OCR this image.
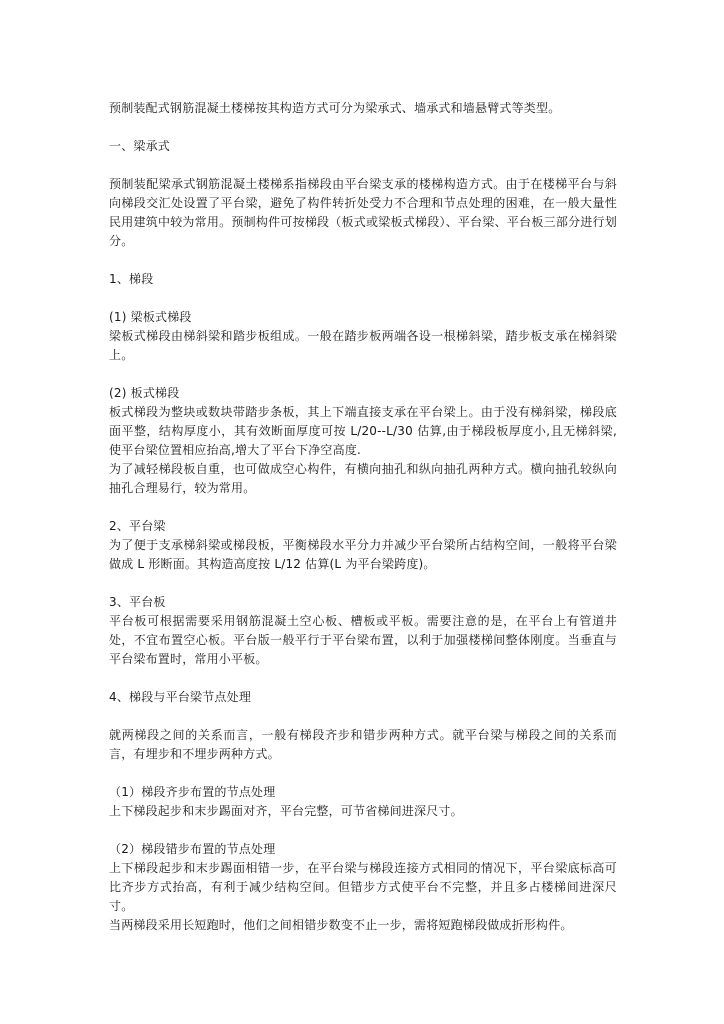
预制装配式钢筋混凝土楼梯按其构造方式可分为梁承式、墙承式和墙悬臂式等类型。

一、梁承式

预制装配梁承式钢筋混凝土楼梯系指梯段由平台梁支承的楼梯构造方式。由于在楼梯平台与斜向梯段交汇处设置了平台梁，避免了构件转折处受力不合理和节点处理的困难，在一般大量性民用建筑中较为常用。预制构件可按梯段（板式或梁板式梯段）、平台梁、平台板三部分进行划分。

1、梯段

(1) 梁板式梯段

梁板式梯段由梯斜梁和踏步板组成。一般在踏步板两端各设一根梯斜梁，踏步板支承在梯斜梁上。

(2) 板式梯段

板式梯段为整块或数块带踏步条板，其上下端直接支承在平台梁上。由于没有梯斜梁，梯段底面平整，结构厚度小，其有效断面厚度可按 L/20--L/30 估算,由于梯段板厚度小,且无梯斜梁,使平台梁位置相应抬高,增大了平台下净空高度.

为了减轻梯段板自重，也可做成空心构件，有横向抽孔和纵向抽孔两种方式。横向抽孔较纵向抽孔合理易行，较为常用。

2、平台梁

为了便于支承梯斜梁或梯段板，平衡梯段水平分力并减少平台梁所占结构空间，一般将平台梁做成 L 形断面。其构造高度按 L/12 估算(L 为平台梁跨度)。

3、平台板

平台板可根据需要采用钢筋混凝土空心板、槽板或平板。需要注意的是，在平台上有管道井处，不宜布置空心板。平台版一般平行于平台梁布置，以利于加强楼梯间整体刚度。当垂直与平台梁布置时，常用小平板。

4、梯段与平台梁节点处理

就两梯段之间的关系而言，一般有梯段齐步和错步两种方式。就平台梁与梯段之间的关系而言，有埋步和不埋步两种方式。

（1）梯段齐步布置的节点处理

上下梯段起步和末步踢面对齐，平台完整，可节省梯间进深尺寸。

（2）梯段错步布置的节点处理

上下梯段起步和末步踢面相错一步，在平台梁与梯段连接方式相同的情况下，平台梁底标高可比齐步方式抬高，有利于减少结构空间。但错步方式使平台不完整，并且多占楼梯间进深尺寸。

当两梯段采用长短跑时，他们之间相错步数变不止一步，需将短跑梯段做成折形构件。
